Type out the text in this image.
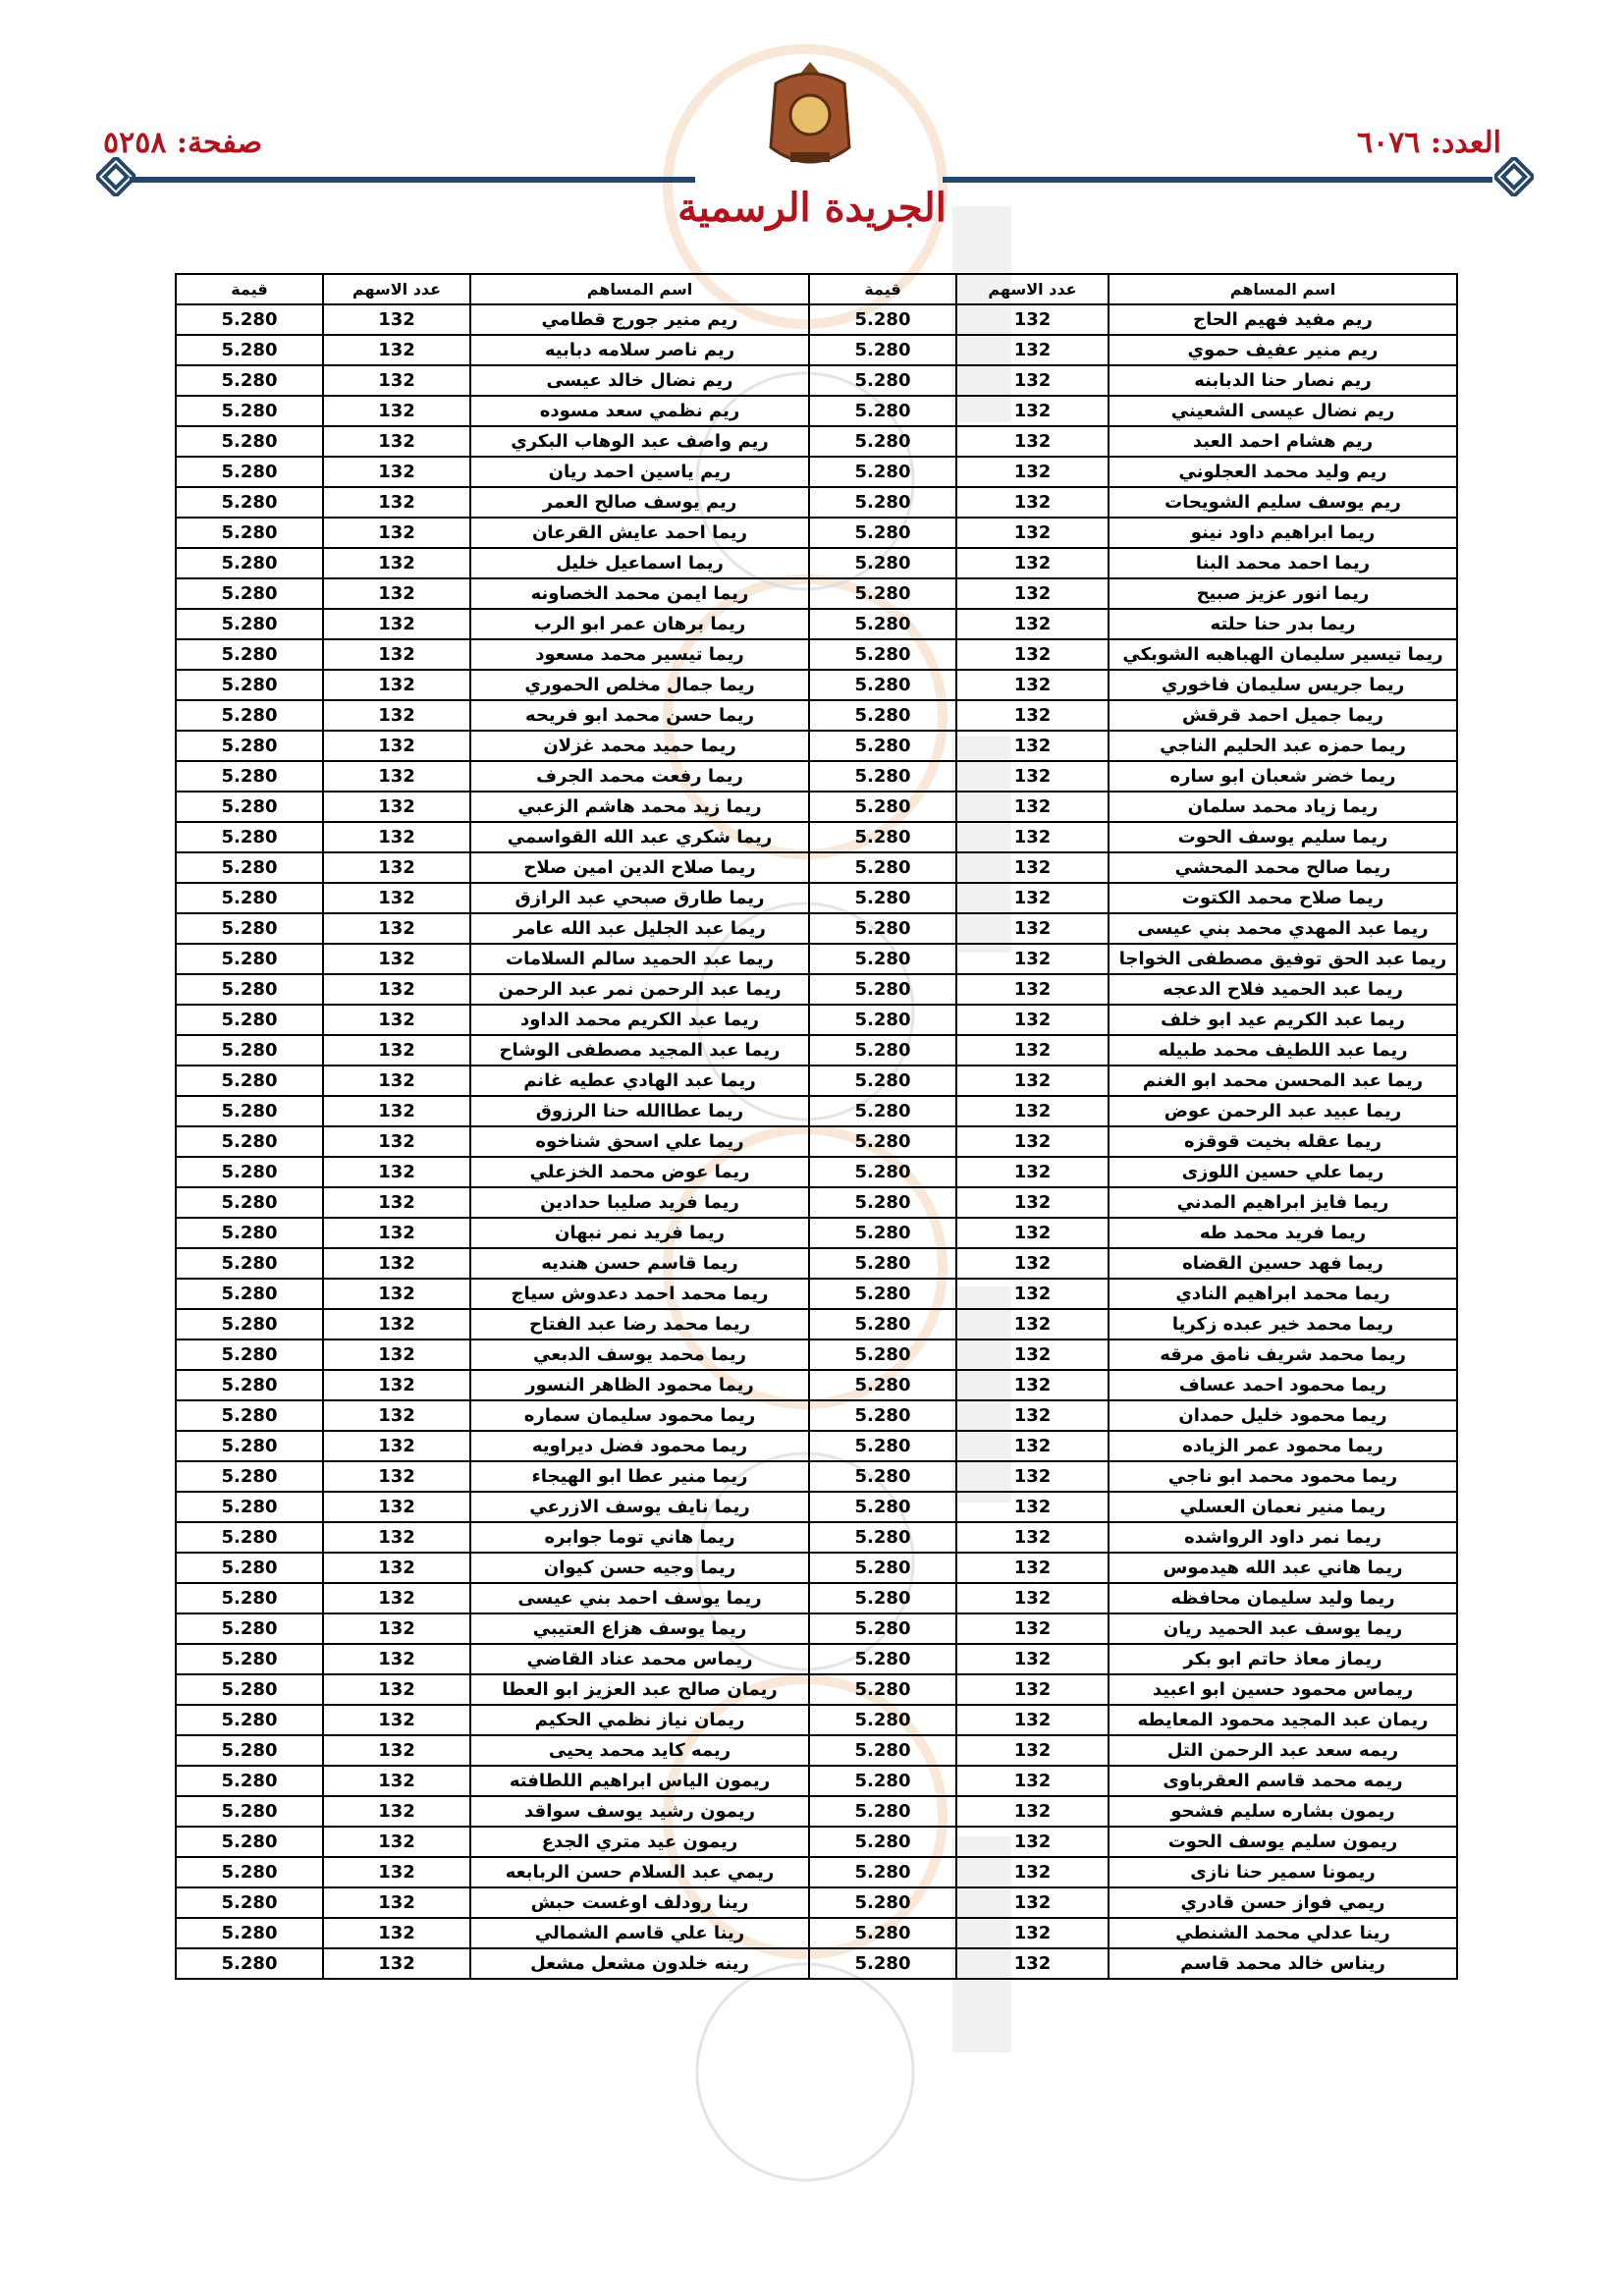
العدد: ٦٠٧٦
صفحة: ٥٢٥٨
الجريدة الرسمية
اسم المساهم	عدد الاسهم	قيمة	اسم المساهم	عدد الاسهم	قيمة
ريم مفيد فهيم الحاج	132	5.280	ريم منير جورج قطامي	132	5.280
ريم منير عفيف حموي	132	5.280	ريم ناصر سلامه دبابيه	132	5.280
ريم نصار حنا الدبابنه	132	5.280	ريم نضال خالد عيسى	132	5.280
ريم نضال عيسى الشعيني	132	5.280	ريم نظمي سعد مسوده	132	5.280
ريم هشام احمد العبد	132	5.280	ريم واصف عبد الوهاب البكري	132	5.280
ريم وليد محمد العجلوني	132	5.280	ريم ياسين احمد ريان	132	5.280
ريم يوسف سليم الشويحات	132	5.280	ريم يوسف صالح العمر	132	5.280
ريما ابراهيم داود نينو	132	5.280	ريما احمد عايش القرعان	132	5.280
ريما احمد محمد البنا	132	5.280	ريما اسماعيل خليل	132	5.280
ريما انور عزيز صبيح	132	5.280	ريما ايمن محمد الخصاونه	132	5.280
ريما بدر حنا حلته	132	5.280	ريما برهان عمر ابو الرب	132	5.280
ريما تيسير سليمان الهباهبه الشوبكي	132	5.280	ريما تيسير محمد مسعود	132	5.280
ريما جريس سليمان فاخوري	132	5.280	ريما جمال مخلص الحموري	132	5.280
ريما جميل احمد قرقش	132	5.280	ريما حسن محمد ابو فريحه	132	5.280
ريما حمزه عبد الحليم الناجي	132	5.280	ريما حميد محمد غزلان	132	5.280
ريما خضر شعبان ابو ساره	132	5.280	ريما رفعت محمد الجرف	132	5.280
ريما زياد محمد سلمان	132	5.280	ريما زيد محمد هاشم الزعبي	132	5.280
ريما سليم يوسف الحوت	132	5.280	ريما شكري عبد الله القواسمي	132	5.280
ريما صالح محمد المحشي	132	5.280	ريما صلاح الدين امين صلاح	132	5.280
ريما صلاح محمد الكتوت	132	5.280	ريما طارق صبحي عبد الرازق	132	5.280
ريما عبد المهدي محمد بني عيسى	132	5.280	ريما عبد الجليل عبد الله عامر	132	5.280
ريما عبد الحق توفيق مصطفى الخواجا	132	5.280	ريما عبد الحميد سالم السلامات	132	5.280
ريما عبد الحميد فلاح الدعجه	132	5.280	ريما عبد الرحمن نمر عبد الرحمن	132	5.280
ريما عبد الكريم عيد ابو خلف	132	5.280	ريما عبد الكريم محمد الداود	132	5.280
ريما عبد اللطيف محمد طبيله	132	5.280	ريما عبد المجيد مصطفى الوشاح	132	5.280
ريما عبد المحسن محمد ابو الغنم	132	5.280	ريما عبد الهادي عطيه غانم	132	5.280
ريما عبيد عبد الرحمن عوض	132	5.280	ريما عطاالله حنا الرزوق	132	5.280
ريما عقله بخيت قوقزه	132	5.280	ريما علي اسحق شناخوه	132	5.280
ريما علي حسين اللوزى	132	5.280	ريما عوض محمد الخزعلي	132	5.280
ريما فايز ابراهيم المدني	132	5.280	ريما فريد صليبا حدادين	132	5.280
ريما فريد محمد طه	132	5.280	ريما فريد نمر نبهان	132	5.280
ريما فهد حسين القضاه	132	5.280	ريما قاسم حسن هنديه	132	5.280
ريما محمد ابراهيم النادي	132	5.280	ريما محمد احمد دعدوش سياج	132	5.280
ريما محمد خير عبده زكريا	132	5.280	ريما محمد رضا عبد الفتاح	132	5.280
ريما محمد شريف نامق مرقه	132	5.280	ريما محمد يوسف الدبعي	132	5.280
ريما محمود احمد عساف	132	5.280	ريما محمود الظاهر النسور	132	5.280
ريما محمود خليل حمدان	132	5.280	ريما محمود سليمان سماره	132	5.280
ريما محمود عمر الزياده	132	5.280	ريما محمود فضل ديراويه	132	5.280
ريما محمود محمد ابو ناجي	132	5.280	ريما منير عطا ابو الهيجاء	132	5.280
ريما منير نعمان العسلي	132	5.280	ريما نايف يوسف الازرعي	132	5.280
ريما نمر داود الرواشده	132	5.280	ريما هاني توما جوابره	132	5.280
ريما هاني عبد الله هيدموس	132	5.280	ريما وجيه حسن كيوان	132	5.280
ريما وليد سليمان محافظه	132	5.280	ريما يوسف احمد بني عيسى	132	5.280
ريما يوسف عبد الحميد ريان	132	5.280	ريما يوسف هزاع العتيبي	132	5.280
ريماز معاذ حاتم ابو بكر	132	5.280	ريماس محمد عناد القاضي	132	5.280
ريماس محمود حسين ابو اعبيد	132	5.280	ريمان صالح عبد العزيز ابو العطا	132	5.280
ريمان عبد المجيد محمود المعايطه	132	5.280	ريمان نياز نظمي الحكيم	132	5.280
ريمه سعد عبد الرحمن التل	132	5.280	ريمه كايد محمد يحيى	132	5.280
ريمه محمد قاسم العقرباوى	132	5.280	ريمون الياس ابراهيم اللطافته	132	5.280
ريمون بشاره سليم فشحو	132	5.280	ريمون رشيد يوسف سواقد	132	5.280
ريمون سليم يوسف الحوت	132	5.280	ريمون عيد متري الجدع	132	5.280
ريمونا سمير حنا نازى	132	5.280	ريمي عبد السلام حسن الربابعه	132	5.280
ريمي فواز حسن قادري	132	5.280	رينا رودلف اوغست حبش	132	5.280
رينا عدلي محمد الشنطي	132	5.280	رينا علي قاسم الشمالي	132	5.280
ريناس خالد محمد قاسم	132	5.280	رينه خلدون مشعل مشعل	132	5.280
